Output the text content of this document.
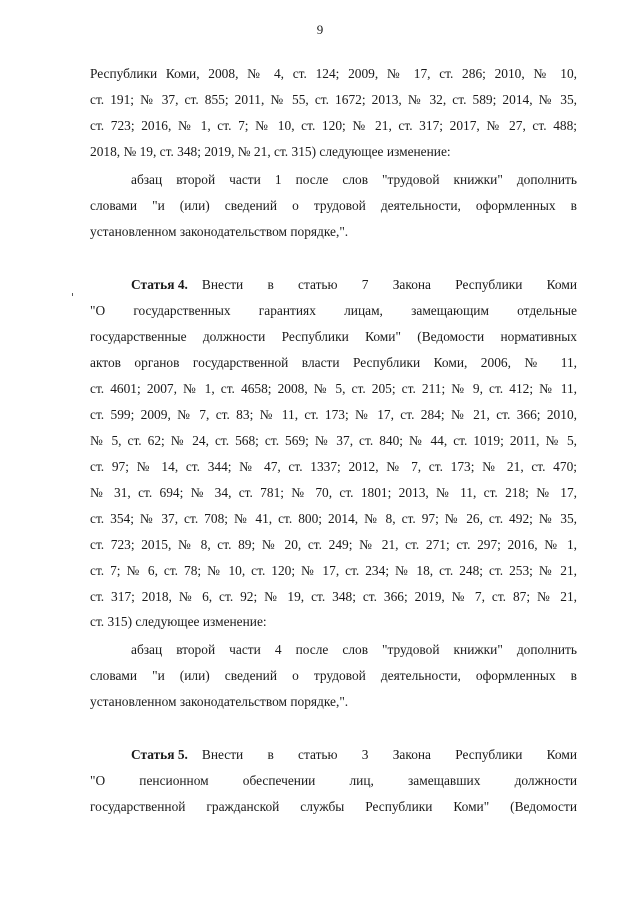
9
Республики Коми, 2008, № 4, ст. 124; 2009, № 17, ст. 286; 2010, № 10,
ст. 191; № 37, ст. 855; 2011, № 55, ст. 1672; 2013, № 32, ст. 589; 2014, № 35,
ст. 723; 2016, № 1, ст. 7; № 10, ст. 120; № 21, ст. 317; 2017, № 27, ст. 488;
2018, № 19, ст. 348; 2019, № 21, ст. 315) следующее изменение:
абзац второй части 1 после слов "трудовой книжки" дополнить
словами "и (или) сведений о трудовой деятельности, оформленных в
установленном законодательством порядке,".
Статья 4. Внести в статью 7 Закона Республики Коми
"О государственных гарантиях лицам, замещающим отдельные
государственные должности Республики Коми" (Ведомости нормативных
актов органов государственной власти Республики Коми, 2006, № 11,
ст. 4601; 2007, № 1, ст. 4658; 2008, № 5, ст. 205; ст. 211; № 9, ст. 412; № 11,
ст. 599; 2009, № 7, ст. 83; № 11, ст. 173; № 17, ст. 284; № 21, ст. 366; 2010,
№ 5, ст. 62; № 24, ст. 568; ст. 569; № 37, ст. 840; № 44, ст. 1019; 2011, № 5,
ст. 97; № 14, ст. 344; № 47, ст. 1337; 2012, № 7, ст. 173; № 21, ст. 470;
№ 31, ст. 694; № 34, ст. 781; № 70, ст. 1801; 2013, № 11, ст. 218; № 17,
ст. 354; № 37, ст. 708; № 41, ст. 800; 2014, № 8, ст. 97; № 26, ст. 492; № 35,
ст. 723; 2015, № 8, ст. 89; № 20, ст. 249; № 21, ст. 271; ст. 297; 2016, № 1,
ст. 7; № 6, ст. 78; № 10, ст. 120; № 17, ст. 234; № 18, ст. 248; ст. 253; № 21,
ст. 317; 2018, № 6, ст. 92; № 19, ст. 348; ст. 366; 2019, № 7, ст. 87; № 21,
ст. 315) следующее изменение:
абзац второй части 4 после слов "трудовой книжки" дополнить
словами "и (или) сведений о трудовой деятельности, оформленных в
установленном законодательством порядке,".
Статья 5. Внести в статью 3 Закона Республики Коми
"О пенсионном обеспечении лиц, замещавших должности
государственной гражданской службы Республики Коми" (Ведомости
